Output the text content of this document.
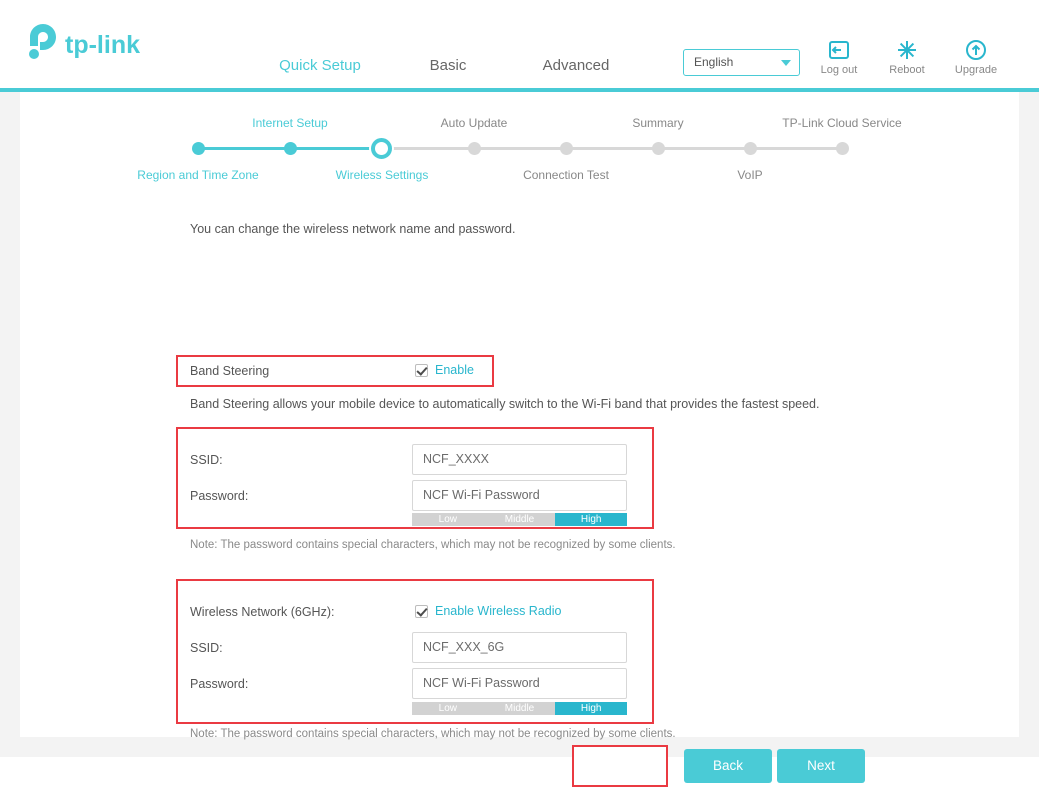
tp-link
Quick Setup	Basic	Advanced	English
Log out	Reboot	Upgrade
Internet Setup	Auto Update	Summary	TP-Link Cloud Service
Region and Time Zone	Wireless Settings	Connection Test	VoIP
You can change the wireless network name and password.
Band Steering	Enable
Band Steering allows your mobile device to automatically switch to the Wi-Fi band that provides the fastest speed.
SSID:	NCF_XXXX
Password:	NCF Wi-Fi Password
Low	Middle	High
Note: The password contains special characters, which may not be recognized by some clients.
Wireless Network (6GHz):	Enable Wireless Radio
SSID:	NCF_XXX_6G
Password:	NCF Wi-Fi Password
Low	Middle	High
Note: The password contains special characters, which may not be recognized by some clients.
Back	Next
